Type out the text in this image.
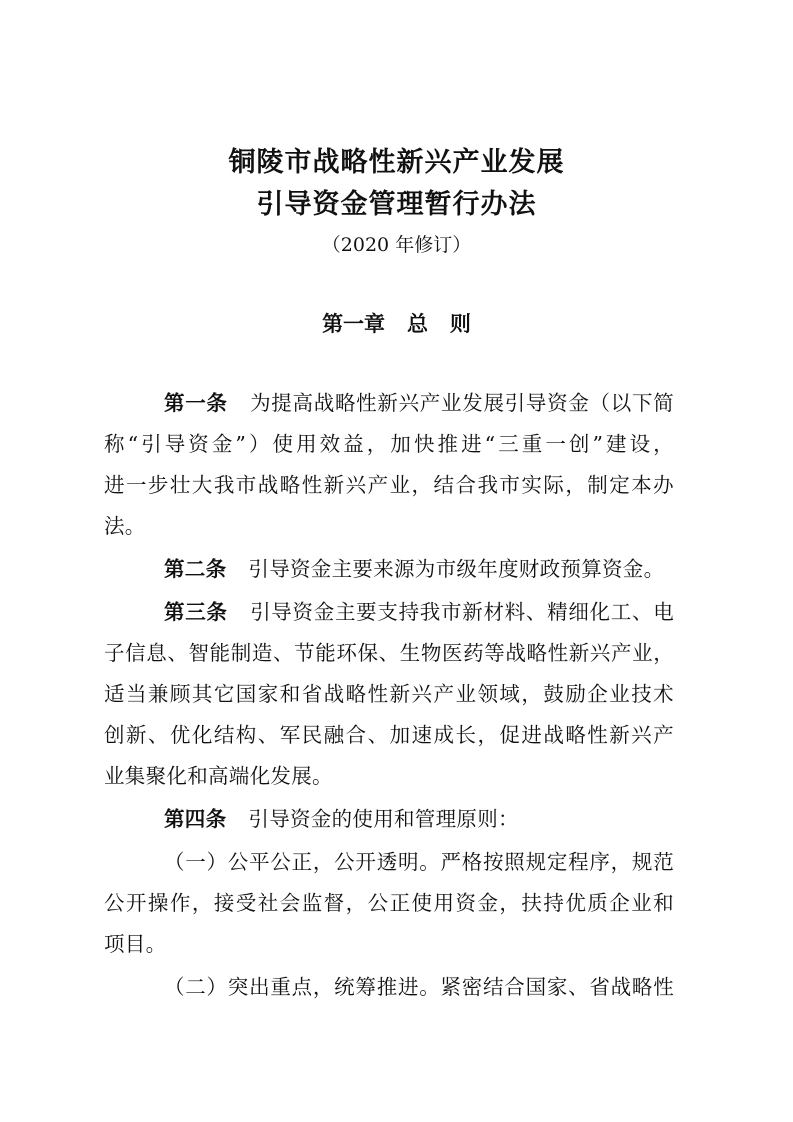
铜陵市战略性新兴产业发展
引导资金管理暂行办法
（2020 年修订）
第一章   总   则
第一条 为提高战略性新兴产业发展引导资金（以下简
称“引导资金”）使用效益，加快推进“三重一创”建设，
进一步壮大我市战略性新兴产业，结合我市实际，制定本办
法。
第二条 引导资金主要来源为市级年度财政预算资金。
第三条 引导资金主要支持我市新材料、精细化工、电
子信息、智能制造、节能环保、生物医药等战略性新兴产业，
适当兼顾其它国家和省战略性新兴产业领域，鼓励企业技术
创新、优化结构、军民融合、加速成长，促进战略性新兴产
业集聚化和高端化发展。
第四条 引导资金的使用和管理原则：
（一）公平公正，公开透明。严格按照规定程序，规范
公开操作，接受社会监督，公正使用资金，扶持优质企业和
项目。
（二）突出重点，统筹推进。紧密结合国家、省战略性
